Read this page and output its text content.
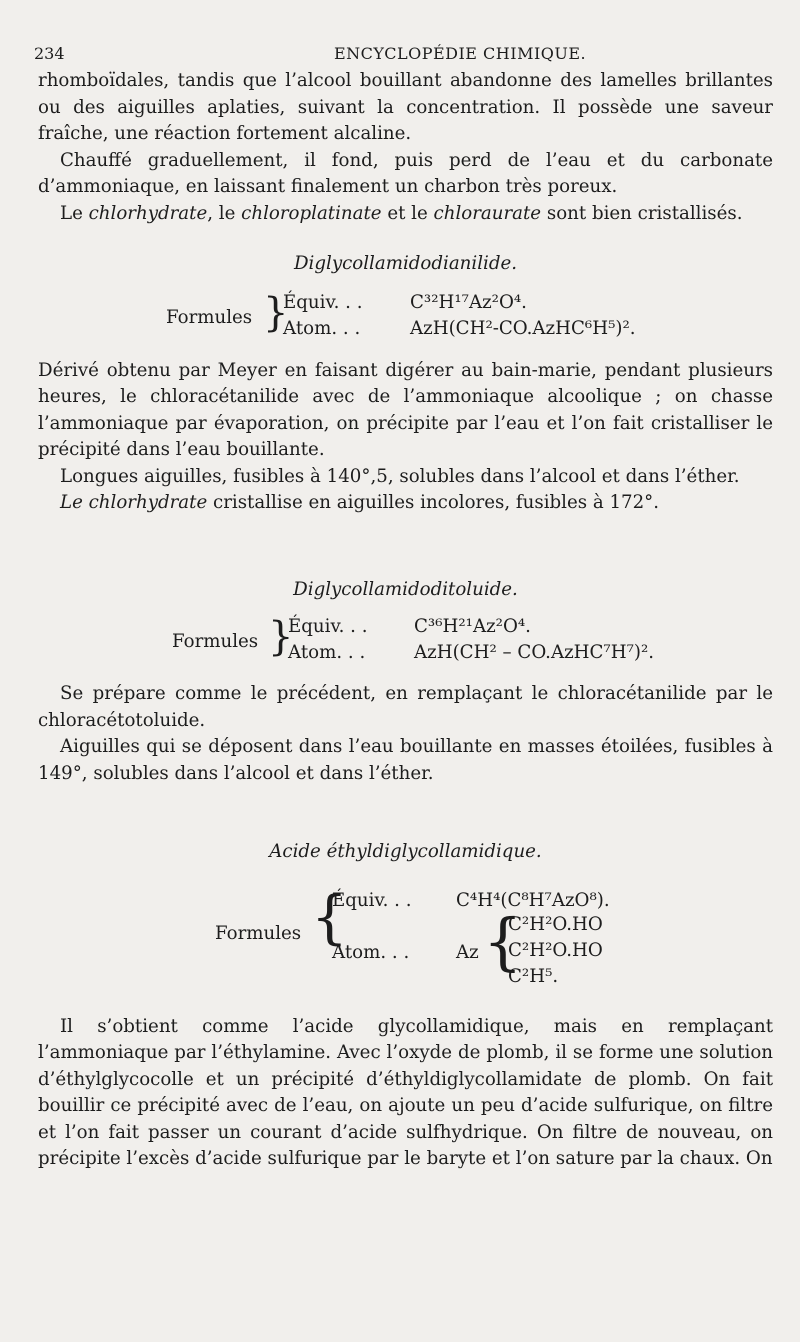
234	ENCYCLOPÉDIE CHIMIQUE.

rhomboïdales, tandis que l’alcool bouillant abandonne des lamelles brillantes ou des aiguilles aplaties, suivant la concentration. Il possède une saveur fraîche, une réaction fortement alcaline.

Chauffé graduellement, il fond, puis perd de l’eau et du carbonate d’ammoniaque, en laissant finalement un charbon très poreux.

Le chlorhydrate, le chloroplatinate et le chloraurate sont bien cristallisés.

Diglycollamidodianilide.

Formules }
Équiv. . .	C³²H¹⁷Az²O⁴.
Atom. . .	AzH(CH²-CO.AzHC⁶H⁵)².

Dérivé obtenu par Meyer en faisant digérer au bain-marie, pendant plusieurs heures, le chloracétanilide avec de l’ammoniaque alcoolique ; on chasse l’ammoniaque par évaporation, on précipite par l’eau et l’on fait cristalliser le précipité dans l’eau bouillante.

Longues aiguilles, fusibles à 140°,5, solubles dans l’alcool et dans l’éther.

Le chlorhydrate cristallise en aiguilles incolores, fusibles à 172°.

Diglycollamidoditoluide.

Formules }
Équiv. . .	C³⁶H²¹Az²O⁴.
Atom. . .	AzH(CH² – CO.AzHC⁷H⁷)².

Se prépare comme le précédent, en remplaçant le chloracétanilide par le chloracétotoluide.

Aiguilles qui se déposent dans l’eau bouillante en masses étoilées, fusibles à 149°, solubles dans l’alcool et dans l’éther.

Acide éthyldiglycollamidique.

Formules {
Équiv. . . C⁴H⁴(C⁸H⁷AzO⁸).
Atom. . .	Az {
C²H²O.HO
C²H²O.HO
C²H⁵.

Il s’obtient comme l’acide glycollamidique, mais en remplaçant l’ammoniaque par l’éthylamine. Avec l’oxyde de plomb, il se forme une solution d’éthylglycocolle et un précipité d’éthyldiglycollamidate de plomb. On fait bouillir ce précipité avec de l’eau, on ajoute un peu d’acide sulfurique, on filtre et l’on fait passer un courant d’acide sulfhydrique. On filtre de nouveau, on précipite l’excès d’acide sulfurique par le baryte et l’on sature par la chaux. On
